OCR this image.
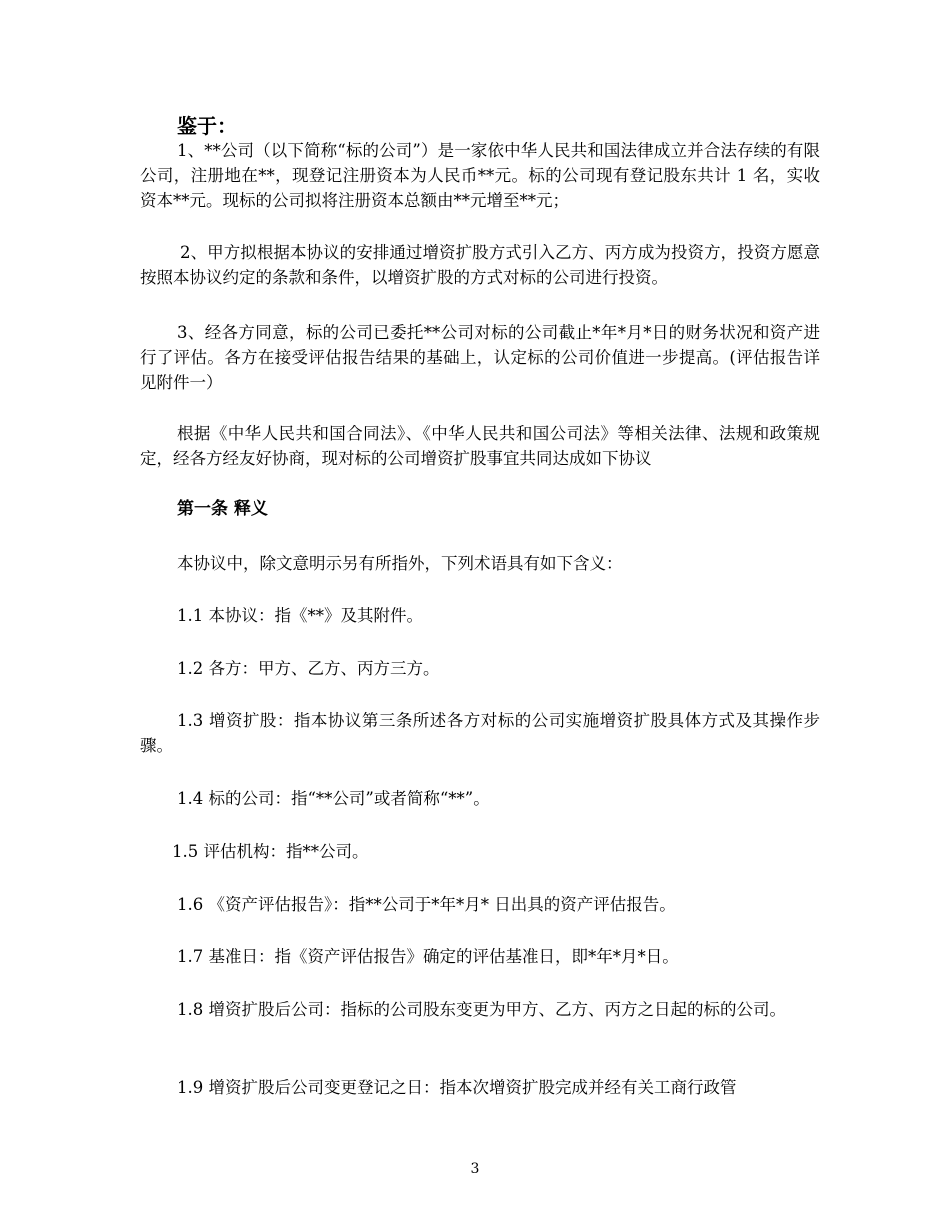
鉴于：

1、**公司（以下简称“标的公司”）是一家依中华人民共和国法律成立并合法存续的有限公司，注册地在**，现登记注册资本为人民币**元。标的公司现有登记股东共计 1 名，实收资本**元。现标的公司拟将注册资本总额由**元增至**元；

2、甲方拟根据本协议的安排通过增资扩股方式引入乙方、丙方成为投资方，投资方愿意按照本协议约定的条款和条件，以增资扩股的方式对标的公司进行投资。

3、经各方同意，标的公司已委托**公司对标的公司截止*年*月*日的财务状况和资产进行了评估。各方在接受评估报告结果的基础上，认定标的公司价值进一步提高。(评估报告详见附件一）

根据《中华人民共和国合同法》、《中华人民共和国公司法》等相关法律、法规和政策规定，经各方经友好协商，现对标的公司增资扩股事宜共同达成如下协议

第一条 释义

本协议中，除文意明示另有所指外，下列术语具有如下含义：

1.1 本协议：指《**》及其附件。

1.2 各方：甲方、乙方、丙方三方。

1.3 增资扩股：指本协议第三条所述各方对标的公司实施增资扩股具体方式及其操作步骤。

1.4 标的公司：指“**公司”或者简称“**”。

1.5 评估机构：指**公司。

1.6 《资产评估报告》：指**公司于*年*月* 日出具的资产评估报告。

1.7 基准日：指《资产评估报告》确定的评估基准日，即*年*月*日。

1.8 增资扩股后公司：指标的公司股东变更为甲方、乙方、丙方之日起的标的公司。

1.9 增资扩股后公司变更登记之日：指本次增资扩股完成并经有关工商行政管

3
